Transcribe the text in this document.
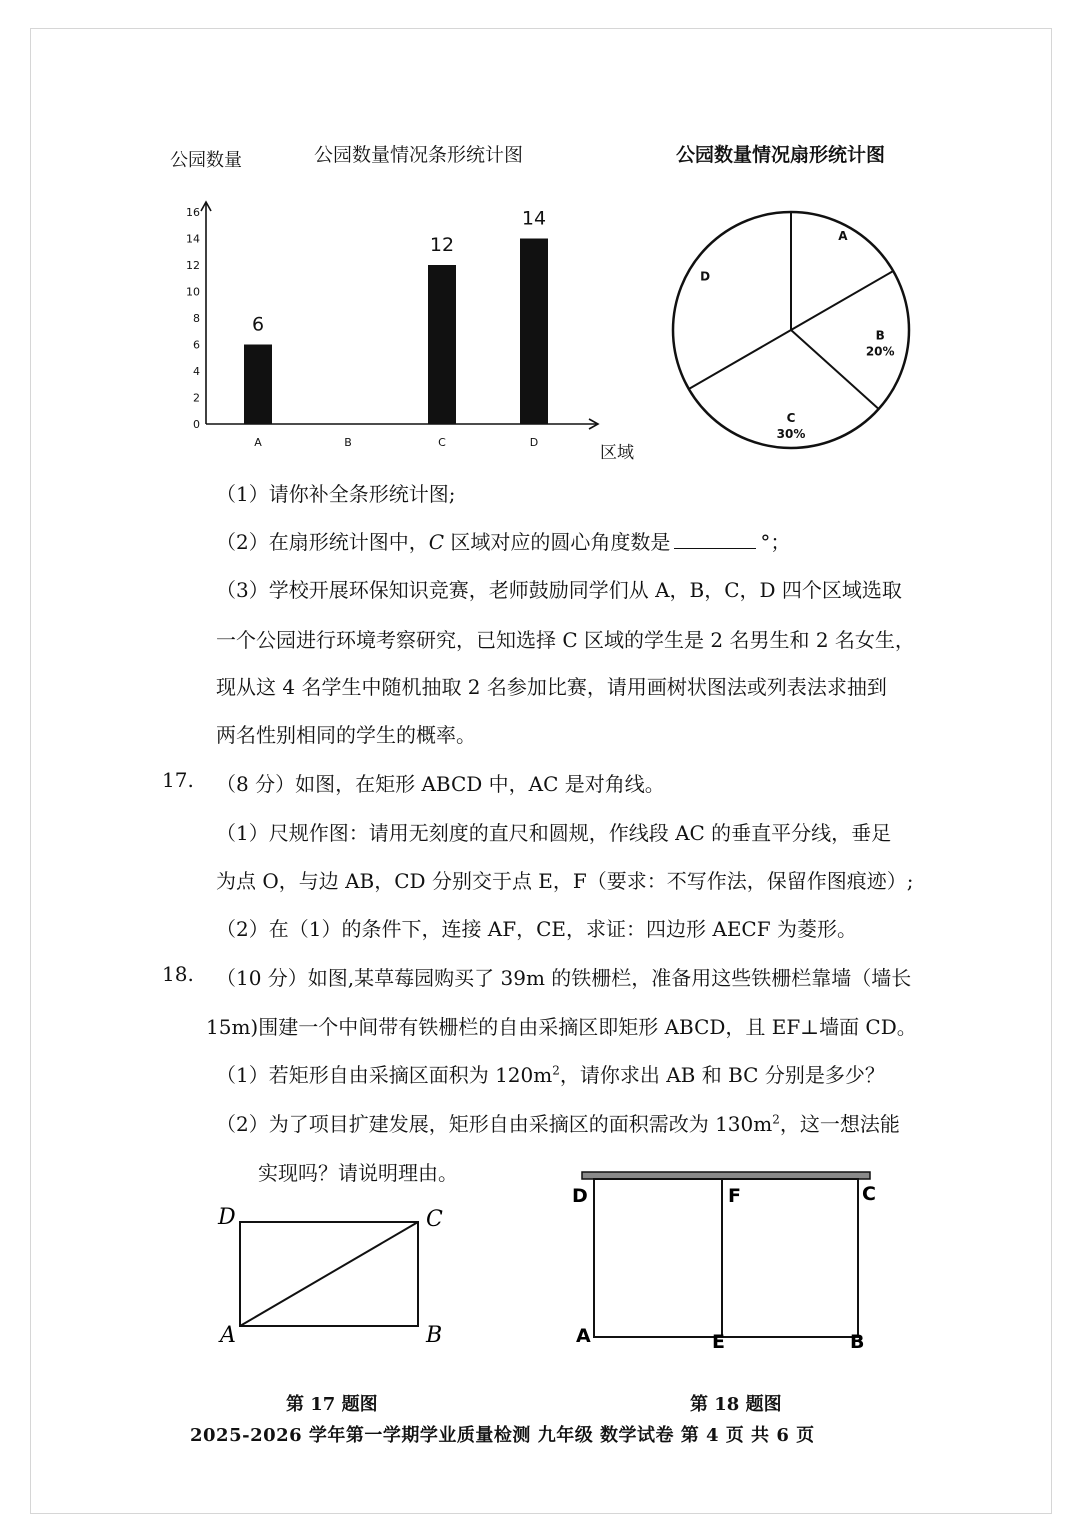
公园数量	公园数量情况条形统计图	公园数量情况扇形统计图
0
2
4
6
8
10
12
14
16
A
6
B	C
12
D
14
区域
A
B
20%
C
30%
D
（1）请你补全条形统计图;
（2）在扇形统计图中，C 区域对应的圆心角度数是	°；
（3）学校开展环保知识竞赛，老师鼓励同学们从 A，B，C，D 四个区域选取
一个公园进行环境考察研究，已知选择 C 区域的学生是 2 名男生和 2 名女生，
现从这 4 名学生中随机抽取 2 名参加比赛，请用画树状图法或列表法求抽到
两名性别相同的学生的概率。
17. （8 分）如图，在矩形 ABCD 中，AC 是对角线。
（1）尺规作图：请用无刻度的直尺和圆规，作线段 AC 的垂直平分线，垂足
为点 O，与边 AB，CD 分别交于点 E，F（要求：不写作法，保留作图痕迹）;
（2）在（1）的条件下，连接 AF，CE，求证：四边形 AECF 为菱形。
18. （10 分）如图,某草莓园购买了 39m 的铁栅栏，准备用这些铁栅栏靠墙（墙长
15m)围建一个中间带有铁栅栏的自由采摘区即矩形 ABCD，且 EF⊥墙面 CD。
（1）若矩形自由采摘区面积为 $120m^2$，请你求出 AB 和 BC 分别是多少？
（2）为了项目扩建发展，矩形自由采摘区的面积需改为 $130m^2$，这一想法能
实现吗？请说明理由。
D	C
A	B
D	F	C
A	E	B
第 17 题图	第 18 题图
2025-2026 学年第一学期学业质量检测 九年级 数学试卷 第 4 页 共 6 页
